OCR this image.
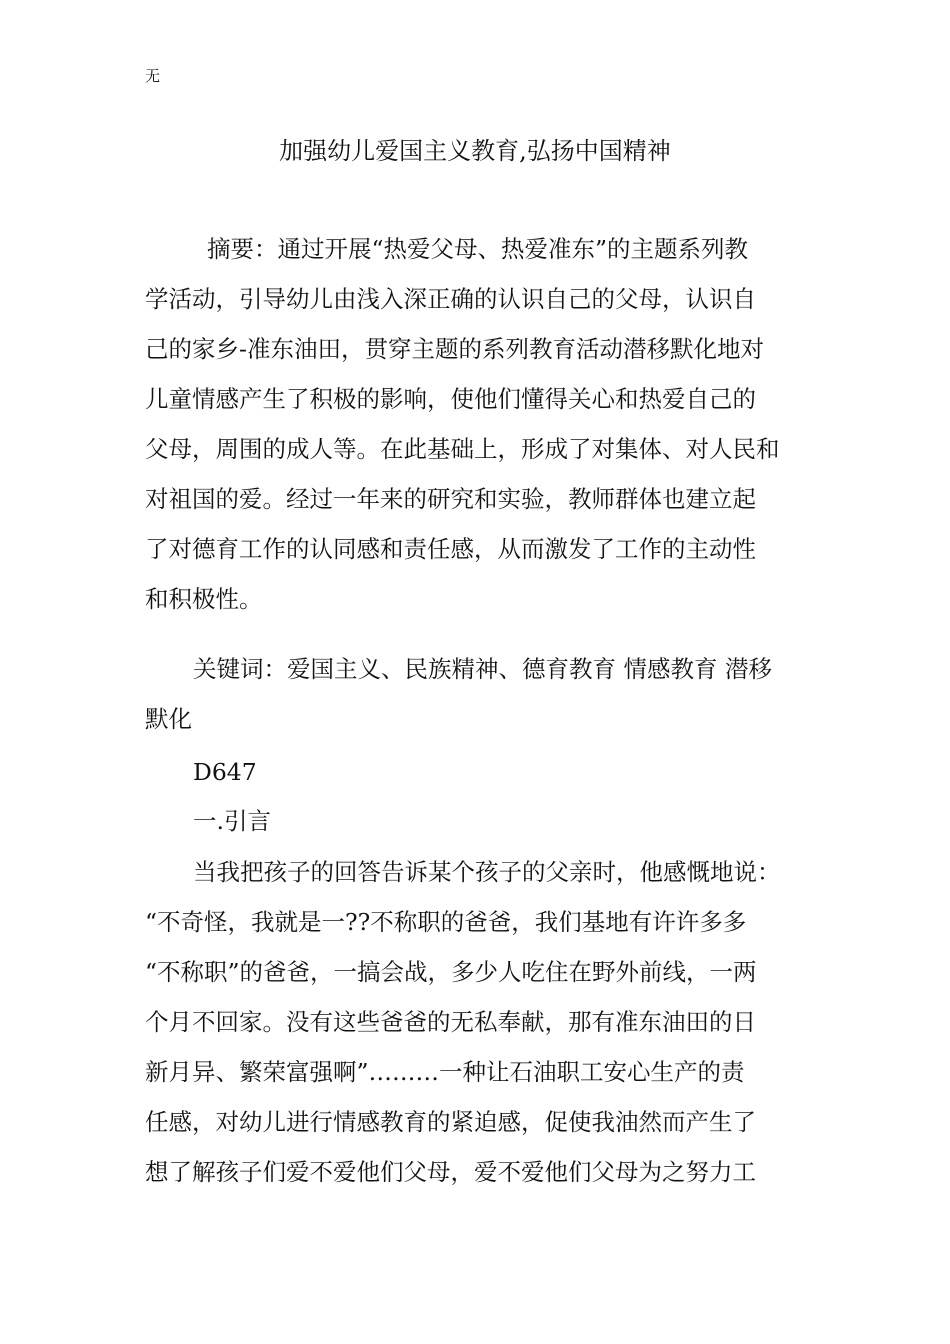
无
加强幼儿爱国主义教育,弘扬中国精神
摘要：通过开展“热爱父母、热爱准东”的主题系列教
学活动，引导幼儿由浅入深正确的认识自己的父母，认识自
己的家乡-准东油田，贯穿主题的系列教育活动潜移默化地对
儿童情感产生了积极的影响，使他们懂得关心和热爱自己的
父母，周围的成人等。在此基础上，形成了对集体、对人民和
对祖国的爱。经过一年来的研究和实验，教师群体也建立起
了对德育工作的认同感和责任感，从而激发了工作的主动性
和积极性。
关键词：爱国主义、民族精神、德育教育 情感教育 潜移
默化
D647
一.引言
当我把孩子的回答告诉某个孩子的父亲时，他感慨地说：
“不奇怪，我就是一??不称职的爸爸，我们基地有许许多多
“不称职”的爸爸，一搞会战，多少人吃住在野外前线，一两
个月不回家。没有这些爸爸的无私奉献，那有准东油田的日
新月异、繁荣富强啊”………一种让石油职工安心生产的责
任感，对幼儿进行情感教育的紧迫感，促使我油然而产生了
想了解孩子们爱不爱他们父母，爱不爱他们父母为之努力工
